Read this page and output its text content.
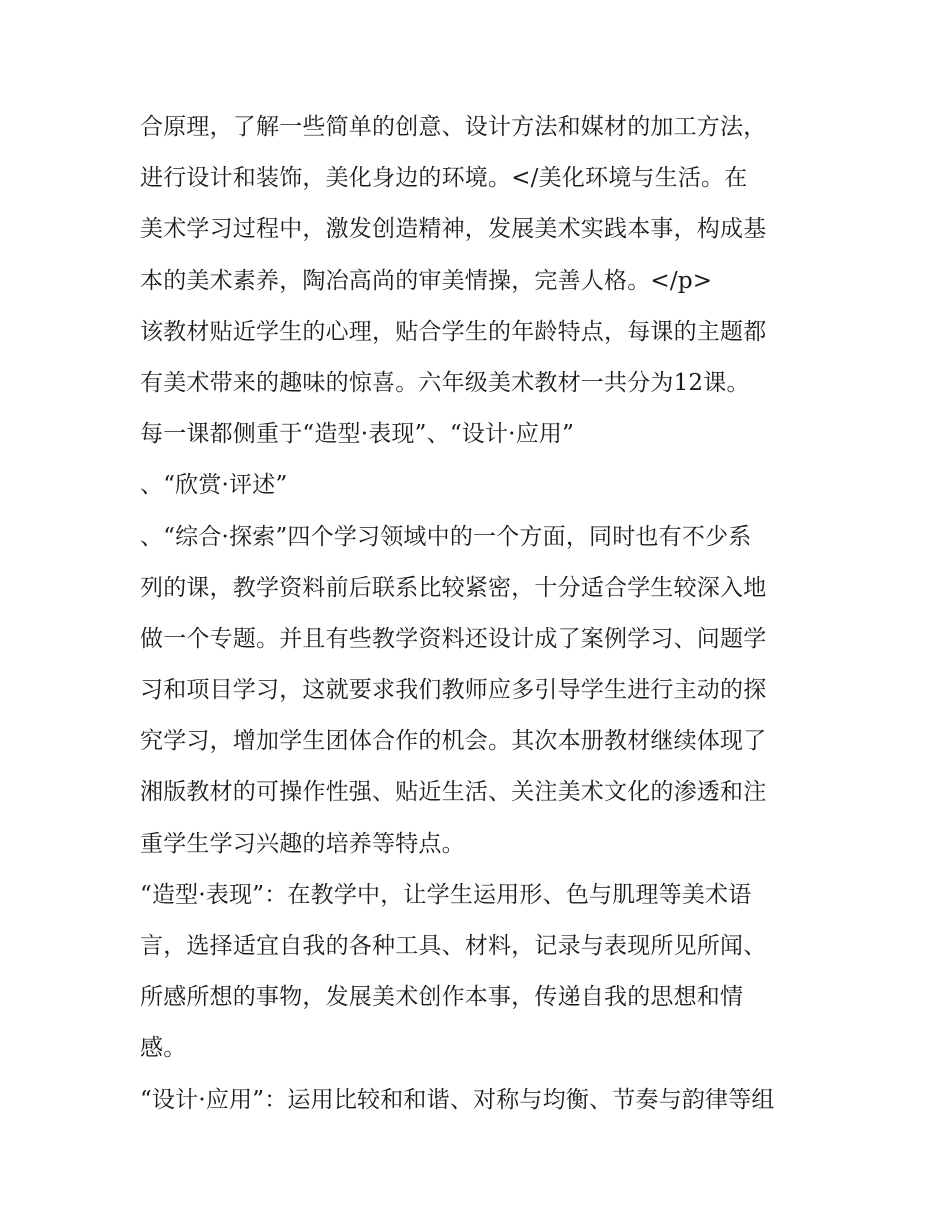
合原理，了解一些简单的创意、设计方法和媒材的加工方法，
进行设计和装饰，美化身边的环境。</美化环境与生活。在
美术学习过程中，激发创造精神，发展美术实践本事，构成基
本的美术素养，陶冶高尚的审美情操，完善人格。</p>
该教材贴近学生的心理，贴合学生的年龄特点，每课的主题都
有美术带来的趣味的惊喜。六年级美术教材一共分为12课。
每一课都侧重于“造型·表现”、“设计·应用”
、“欣赏·评述”
、“综合·探索”四个学习领域中的一个方面，同时也有不少系
列的课，教学资料前后联系比较紧密，十分适合学生较深入地
做一个专题。并且有些教学资料还设计成了案例学习、问题学
习和项目学习，这就要求我们教师应多引导学生进行主动的探
究学习，增加学生团体合作的机会。其次本册教材继续体现了
湘版教材的可操作性强、贴近生活、关注美术文化的渗透和注
重学生学习兴趣的培养等特点。
“造型·表现”：在教学中，让学生运用形、色与肌理等美术语
言，选择适宜自我的各种工具、材料，记录与表现所见所闻、
所感所想的事物，发展美术创作本事，传递自我的思想和情
感。
“设计·应用”：运用比较和和谐、对称与均衡、节奏与韵律等组
